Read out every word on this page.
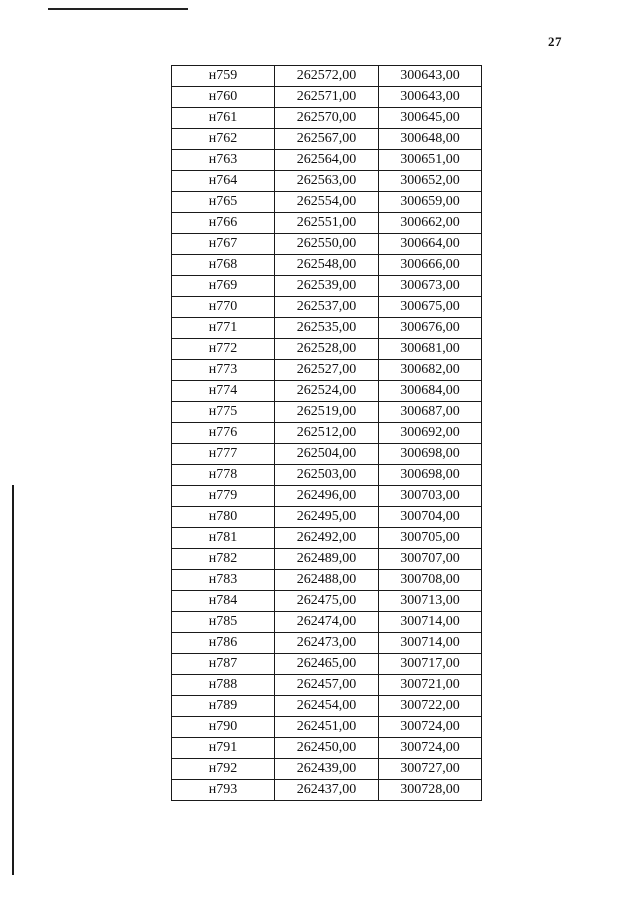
27
н759	262572,00	300643,00
н760	262571,00	300643,00
н761	262570,00	300645,00
н762	262567,00	300648,00
н763	262564,00	300651,00
н764	262563,00	300652,00
н765	262554,00	300659,00
н766	262551,00	300662,00
н767	262550,00	300664,00
н768	262548,00	300666,00
н769	262539,00	300673,00
н770	262537,00	300675,00
н771	262535,00	300676,00
н772	262528,00	300681,00
н773	262527,00	300682,00
н774	262524,00	300684,00
н775	262519,00	300687,00
н776	262512,00	300692,00
н777	262504,00	300698,00
н778	262503,00	300698,00
н779	262496,00	300703,00
н780	262495,00	300704,00
н781	262492,00	300705,00
н782	262489,00	300707,00
н783	262488,00	300708,00
н784	262475,00	300713,00
н785	262474,00	300714,00
н786	262473,00	300714,00
н787	262465,00	300717,00
н788	262457,00	300721,00
н789	262454,00	300722,00
н790	262451,00	300724,00
н791	262450,00	300724,00
н792	262439,00	300727,00
н793	262437,00	300728,00
